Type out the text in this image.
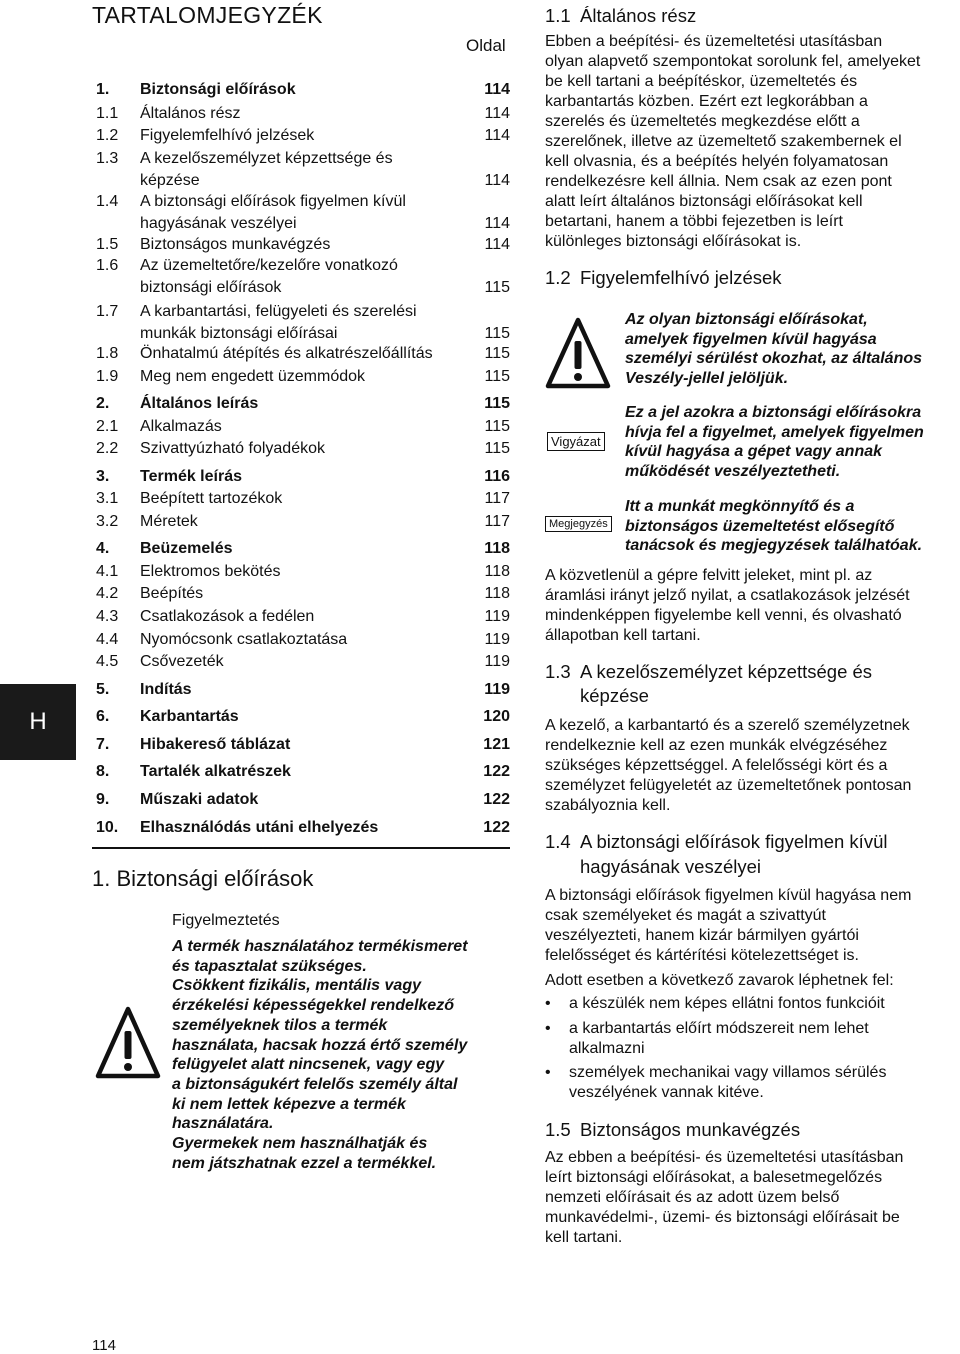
H
TARTALOMJEGYZÉK
Oldal
1. Biztonsági előírások	114
1.1 Általános rész	114
1.2 Figyelemfelhívó jelzések	114
1.3 A kezelőszemélyzet képzettsége és
képzése	114
1.4 A biztonsági előírások figyelmen kívül
hagyásának veszélyei	114
1.5 Biztonságos munkavégzés	114
1.6 Az üzemeltetőre/kezelőre vonatkozó
biztonsági előírások	115
1.7 A karbantartási, felügyeleti és szerelési
munkák biztonsági előírásai	115
1.8 Önhatalmú átépítés és alkatrészelőállítás	115
1.9 Meg nem engedett üzemmódok	115
2. Általános leírás	115
2.1 Alkalmazás	115
2.2 Szivattyúzható folyadékok	115
3. Termék leírás	116
3.1 Beépített tartozékok	117
3.2 Méretek	117
4. Beüzemelés	118
4.1 Elektromos bekötés	118
4.2 Beépítés	118
4.3 Csatlakozások a fedélen	119
4.4 Nyomócsonk csatlakoztatása	119
4.5 Csővezeték	119
5. Indítás	119
6. Karbantartás	120
7. Hibakereső táblázat	121
8. Tartalék alkatrészek	122
9. Műszaki adatok	122
10. Elhasználódás utáni elhelyezés	122
1. Biztonsági előírások
Figyelmeztetés
A termék használatához termékismeret
és tapasztalat szükséges.
Csökkent fizikális, mentális vagy
érzékelési képességekkel rendelkező
személyeknek tilos a termék
használata, hacsak hozzá értő személy
felügyelet alatt nincsenek, vagy egy
a biztonságukért felelős személy által
ki nem lettek képezve a termék
használatára.
Gyermekek nem használhatják és
nem játszhatnak ezzel a termékkel.
1.1 Általános rész
Ebben a beépítési- és üzemeltetési utasításban
olyan alapvető szempontokat sorolunk fel, amelyeket
be kell tartani a beépítéskor, üzemeltetés és
karbantartás közben. Ezért ezt legkorábban a
szerelés és üzemeltetés megkezdése előtt a
szerelőnek, illetve az üzemeltető szakembernek el
kell olvasnia, és a beépítés helyén folyamatosan
rendelkezésre kell állnia. Nem csak az ezen pont
alatt leírt általános biztonsági előírásokat kell
betartani, hanem a többi fejezetben is leírt
különleges biztonsági előírásokat is.
1.2 Figyelemfelhívó jelzések
Az olyan biztonsági előírásokat,
amelyek figyelmen kívül hagyása
személyi sérülést okozhat, az általános
Veszély-jellel jelöljük.
Vigyázat
Ez a jel azokra a biztonsági előírásokra
hívja fel a figyelmet, amelyek figyelmen
kívül hagyása a gépet vagy annak
működését veszélyeztetheti.
Megjegyzés
Itt a munkát megkönnyítő és a
biztonságos üzemeltetést elősegítő
tanácsok és megjegyzések találhatóak.
A közvetlenül a gépre felvitt jeleket, mint pl. az
áramlási irányt jelző nyilat, a csatlakozások jelzését
mindenképpen figyelembe kell venni, és olvasható
állapotban kell tartani.
1.3 A kezelőszemélyzet képzettsége és
képzése
A kezelő, a karbantartó és a szerelő személyzetnek
rendelkeznie kell az ezen munkák elvégzéséhez
szükséges képzettséggel. A felelősségi kört és a
személyzet felügyeletét az üzemeltetőnek pontosan
szabályoznia kell.
1.4 A biztonsági előírások figyelmen kívül
hagyásának veszélyei
A biztonsági előírások figyelmen kívül hagyása nem
csak személyeket és magát a szivattyút
veszélyezteti, hanem kizár bármilyen gyártói
felelősséget és kártérítési kötelezettséget is.
Adott esetben a következő zavarok léphetnek fel:
• a készülék nem képes ellátni fontos funkcióit
• a karbantartás előírt módszereit nem lehet
alkalmazni
• személyek mechanikai vagy villamos sérülés
veszélyének vannak kitéve.
1.5 Biztonságos munkavégzés
Az ebben a beépítési- és üzemeltetési utasításban
leírt biztonsági előírásokat, a balesetmegelőzés
nemzeti előírásait és az adott üzem belső
munkavédelmi-, üzemi- és biztonsági előírásait be
kell tartani.
114
